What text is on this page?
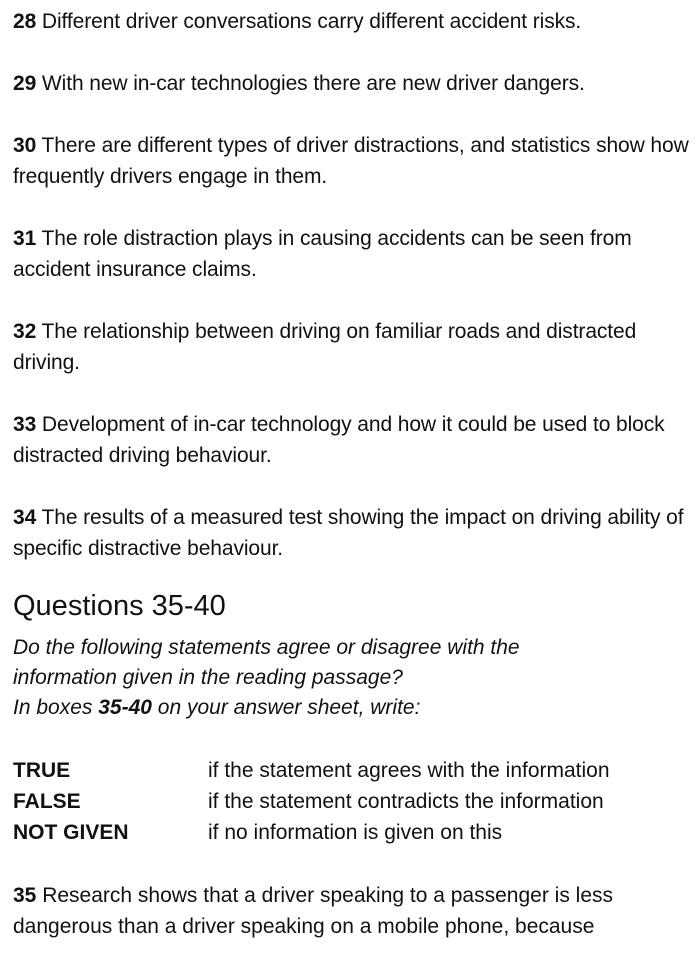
28 Different driver conversations carry different accident risks.

29 With new in-car technologies there are new driver dangers.

30 There are different types of driver distractions, and statistics show how frequently drivers engage in them.

31 The role distraction plays in causing accidents can be seen from accident insurance claims.

32 The relationship between driving on familiar roads and distracted driving.

33 Development of in-car technology and how it could be used to block distracted driving behaviour.

34 The results of a measured test showing the impact on driving ability of specific distractive behaviour.

Questions 35-40

Do the following statements agree or disagree with the

information given in the reading passage?

In boxes 35-40 on your answer sheet, write:

TRUE	if the statement agrees with the information
FALSE	if the statement contradicts the information
NOT GIVEN	if no information is given on this

35 Research shows that a driver speaking to a passenger is less dangerous than a driver speaking on a mobile phone, because
